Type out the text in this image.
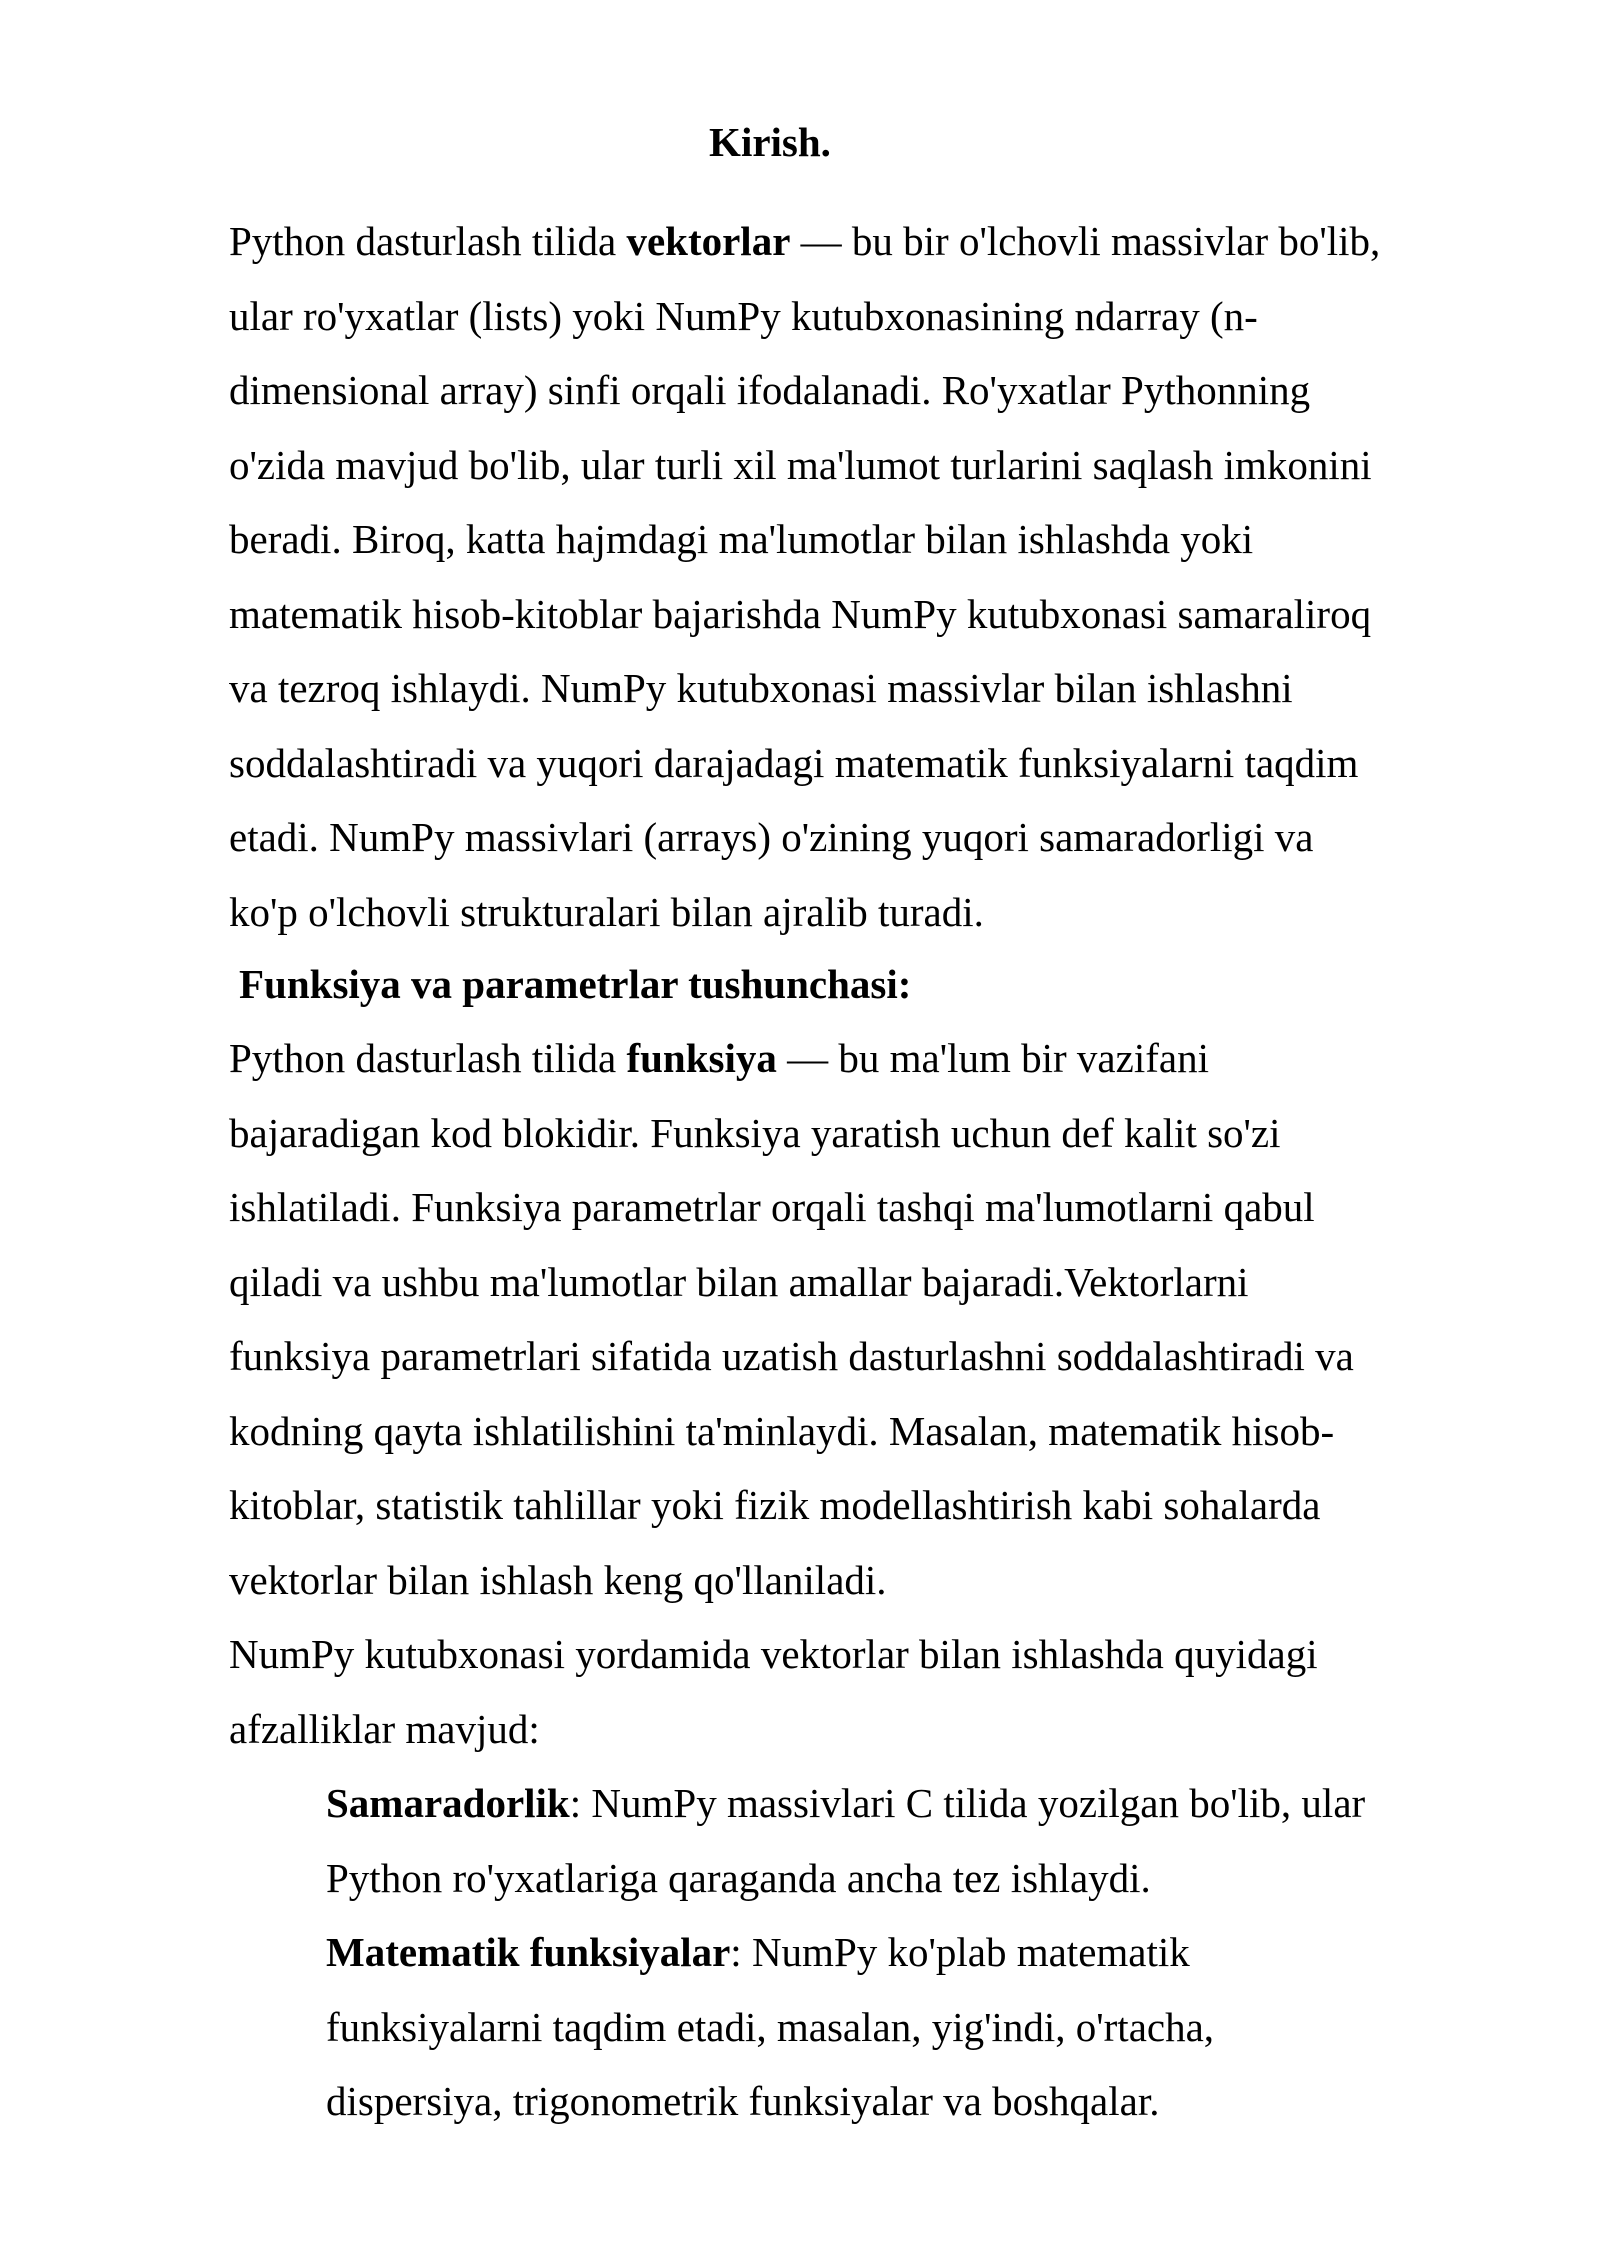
Kirish.

Python dasturlash tilida vektorlar — bu bir o'lchovli massivlar bo'lib,
ular ro'yxatlar (lists) yoki NumPy kutubxonasining ndarray (n-
dimensional array) sinfi orqali ifodalanadi. Ro'yxatlar Pythonning
o'zida mavjud bo'lib, ular turli xil ma'lumot turlarini saqlash imkonini
beradi. Biroq, katta hajmdagi ma'lumotlar bilan ishlashda yoki
matematik hisob-kitoblar bajarishda NumPy kutubxonasi samaraliroq
va tezroq ishlaydi. NumPy kutubxonasi massivlar bilan ishlashni
soddalashtiradi va yuqori darajadagi matematik funksiyalarni taqdim
etadi. NumPy massivlari (arrays) o'zining yuqori samaradorligi va
ko'p o'lchovli strukturalari bilan ajralib turadi.

Funksiya va parametrlar tushunchasi:

Python dasturlash tilida funksiya — bu ma'lum bir vazifani
bajaradigan kod blokidir. Funksiya yaratish uchun def kalit so'zi
ishlatiladi. Funksiya parametrlar orqali tashqi ma'lumotlarni qabul
qiladi va ushbu ma'lumotlar bilan amallar bajaradi.Vektorlarni
funksiya parametrlari sifatida uzatish dasturlashni soddalashtiradi va
kodning qayta ishlatilishini ta'minlaydi. Masalan, matematik hisob-
kitoblar, statistik tahlillar yoki fizik modellashtirish kabi sohalarda
vektorlar bilan ishlash keng qo'llaniladi.

NumPy kutubxonasi yordamida vektorlar bilan ishlashda quyidagi
afzalliklar mavjud:

Samaradorlik: NumPy massivlari C tilida yozilgan bo'lib, ular
Python ro'yxatlariga qaraganda ancha tez ishlaydi.
Matematik funksiyalar: NumPy ko'plab matematik
funksiyalarni taqdim etadi, masalan, yig'indi, o'rtacha,
dispersiya, trigonometrik funksiyalar va boshqalar.
